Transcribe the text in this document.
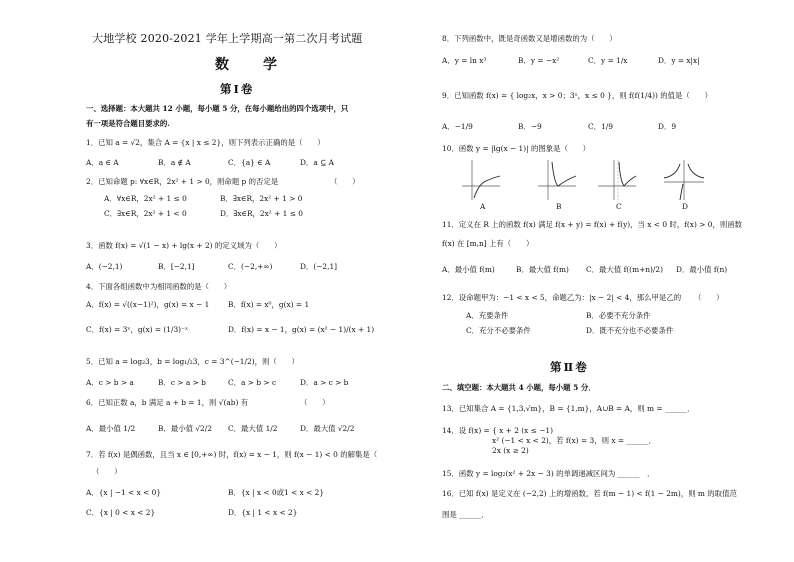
大地学校 2020-2021 学年上学期高一第二次月考试题
数　学
第Ⅰ卷
一、选择题：本大题共 12 小题，每小题 5 分，在每小题给出的四个选项中，只
有一项是符合题目要求的.
1．已知 a = √2，集合 A = {x | x ≤ 2}，则下列表示正确的是（　　）
A．a ∈ A	B．a ∉ A	C．{a} ∈ A	D．a ⊆ A
2．已知命题 p: ∀x∈R，2x² + 1 > 0，则命题 p 的否定是	（　　）
A．∀x∈R，2x² + 1 ≤ 0	B．∃x∈R，2x² + 1 > 0
C．∃x∈R，2x² + 1 < 0	D．∃x∈R，2x² + 1 ≤ 0
3．函数 f(x) = √(1 − x) + lg(x + 2) 的定义域为（　　）
A．(−2,1)	B．[−2,1]	C．(−2,+∞)	D．(−2,1]
4．下面各组函数中为相同函数的是（　　）
A．f(x) = √((x−1)²)，g(x) = x − 1	B．f(x) = x⁰，g(x) = 1
C．f(x) = 3ˣ，g(x) = (1/3)⁻ˣ	D．f(x) = x − 1，g(x) = (x² − 1)/(x + 1)
5．已知 a = log₂3，b = log₁/₂3，c = 3^(−1/2)，则（　　）
A．c > b > a	B．c > a > b	C．a > b > c	D．a > c > b
6．已知正数 a，b 满足 a + b = 1，则 √(ab) 有	（　　）
A．最小值 1/2	B．最小值 √2/2 C．最大值 1/2	D．最大值 √2/2
7．若 f(x) 是偶函数，且当 x ∈ [0,+∞) 时，f(x) = x − 1，则 f(x − 1) < 0 的解集是（
（　　）
A．{x | −1 < x < 0}	B．{x | x < 0或1 < x < 2}
C．{x | 0 < x < 2}	D．{x | 1 < x < 2}
8．下列函数中，既是奇函数又是增函数的为（　　）
A．y = ln x³	B．y = −x²	C．y = 1/x	D．y = x|x|
9．已知函数 f(x) = { log₂x，x > 0；3ˣ，x ≤ 0 }，则 f(f(1/4)) 的值是（　　）
A．−1/9	B．−9	C．1/9	D．9
10．函数 y = |lg(x − 1)| 的图象是（　　）
A	B	C	D
11．定义在 R 上的函数 f(x) 满足 f(x + y) = f(x) + f(y)，当 x < 0 时，f(x) > 0，则函数
f(x) 在 [m,n] 上有（　　）
A．最小值 f(m)	B．最大值 f(m) C．最大值 f((m+n)/2) D．最小值 f(n)
12．设命题甲为：−1 < x < 5，命题乙为：|x − 2| < 4，那么甲是乙的 （　　）
A．充要条件	B．必要不充分条件
C．充分不必要条件	D．既不充分也不必要条件
第Ⅱ卷
二、填空题：本大题共 4 小题，每小题 5 分．
13．已知集合 A = {1,3,√m}，B = {1,m}，A∪B = A，则 m = ______．
14．设 f(x) = { x + 2 (x ≤ −1)
x² (−1 < x < 2)，若 f(x) = 3，则 x = ______．
2x (x ≥ 2)
15．函数 y = log₂(x² + 2x − 3) 的单调递减区间为 ______　．
16．已知 f(x) 是定义在 (−2,2) 上的增函数，若 f(m − 1) < f(1 − 2m)，则 m 的取值范
围是 ______．
